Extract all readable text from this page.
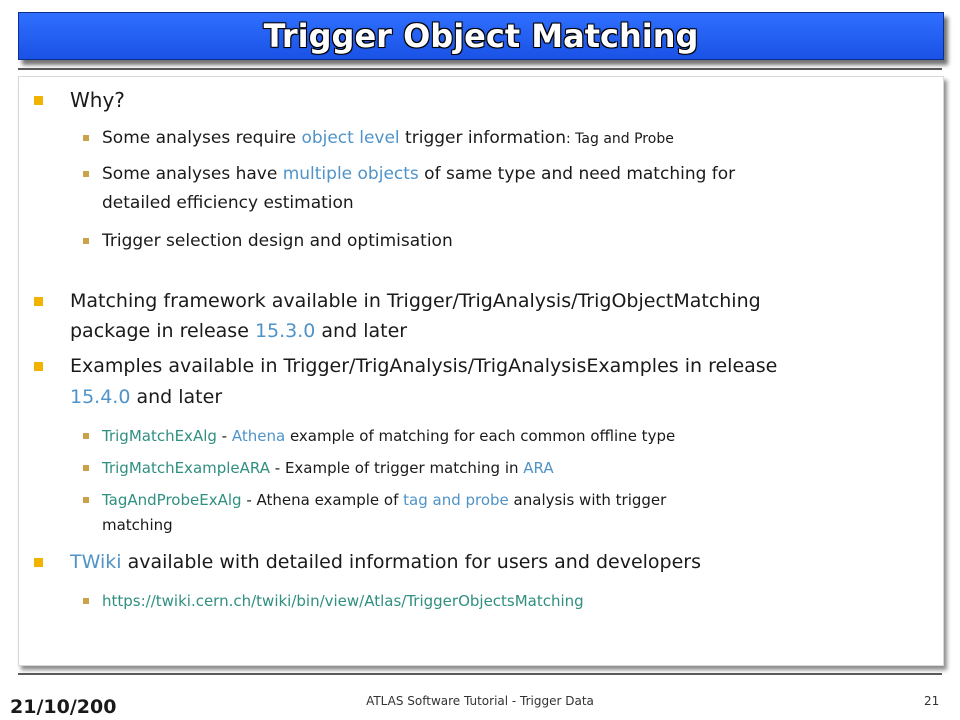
Trigger Object Matching
Why?
Some analyses require object level trigger information: Tag and Probe
Some analyses have multiple objects of same type and need matching for
detailed efficiency estimation
Trigger selection design and optimisation
Matching framework available in Trigger/TrigAnalysis/TrigObjectMatching
package in release 15.3.0 and later
Examples available in Trigger/TrigAnalysis/TrigAnalysisExamples in release
15.4.0 and later
TrigMatchExAlg - Athena example of matching for each common offline type
TrigMatchExampleARA - Example of trigger matching in ARA
TagAndProbeExAlg - Athena example of tag and probe analysis with trigger
matching
TWiki available with detailed information for users and developers
https://twiki.cern.ch/twiki/bin/view/Atlas/TriggerObjectsMatching
21/10/200	ATLAS Software Tutorial - Trigger Data	21
